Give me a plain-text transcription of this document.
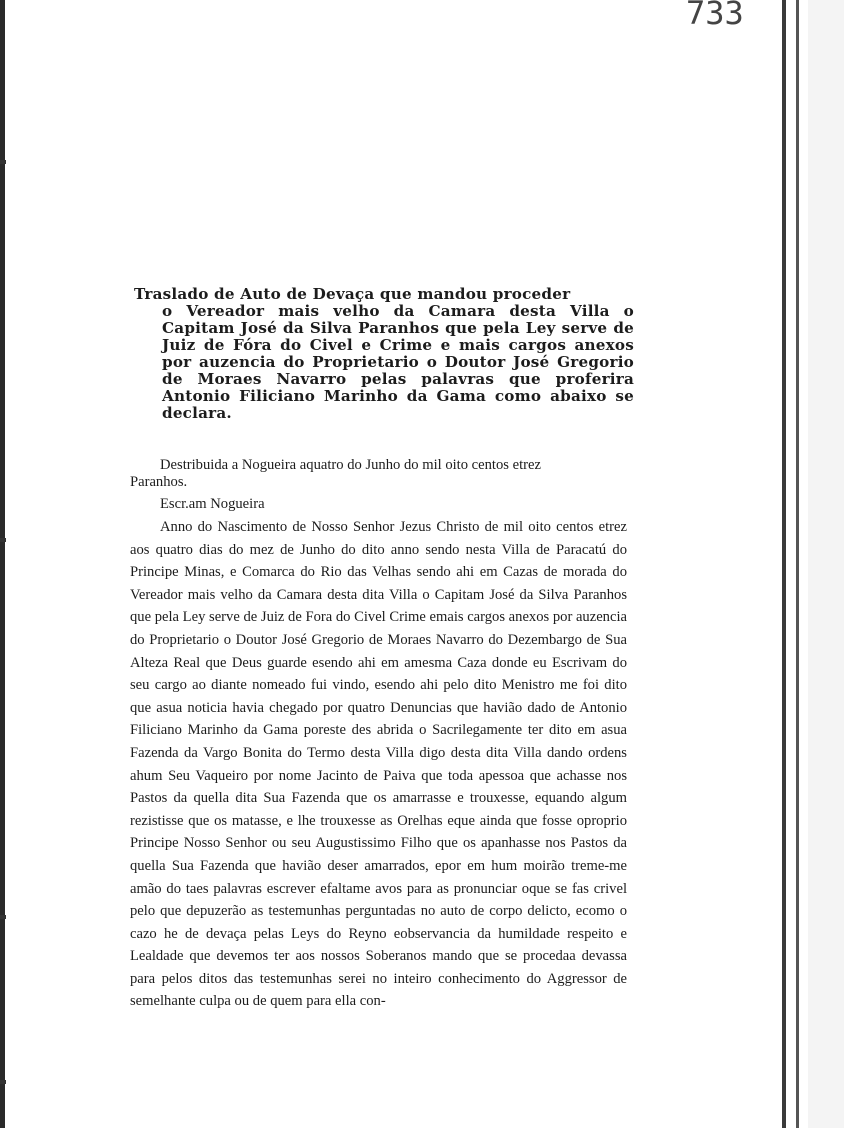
733
Traslado de Auto de Devaça que mandou proceder
o Vereador mais velho da Camara desta Villa o Capitam José da Silva Paranhos que pela Ley serve de Juiz de Fóra do Civel e Crime e mais cargos anexos por auzencia do Proprietario o Doutor José Gregorio de Moraes Navarro pelas palavras que proferira Antonio Filiciano Marinho da Gama como abaixo se declara.
Destribuida a Nogueira aquatro do Junho do mil oito centos etrez
Paranhos.
Escr.am Nogueira
Anno do Nascimento de Nosso Senhor Jezus Christo de mil oito centos etrez aos quatro dias do mez de Junho do dito anno sendo nesta Villa de Paracatú do Principe Minas, e Comarca do Rio das Velhas sendo ahi em Cazas de morada do Vereador mais velho da Camara desta dita Villa o Capitam José da Silva Paranhos que pela Ley serve de Juiz de Fora do Civel Crime emais cargos anexos por auzencia do Proprietario o Doutor José Gregorio de Moraes Navarro do Dezembargo de Sua Alteza Real que Deus guarde esendo ahi em amesma Caza donde eu Escrivam do seu cargo ao diante nomeado fui vindo, esendo ahi pelo dito Menistro me foi dito que asua noticia havia chegado por quatro Denuncias que havião dado de Antonio Filiciano Marinho da Gama poreste des abrida o Sacrilegamente ter dito em asua Fazenda da Vargo Bonita do Termo desta Villa digo desta dita Villa dando ordens ahum Seu Vaqueiro por nome Jacinto de Paiva que toda apessoa que achasse nos Pastos da quella dita Sua Fazenda que os amarrasse e trouxesse, equando algum rezistisse que os matasse, e lhe trouxesse as Orelhas eque ainda que fosse oproprio Principe Nosso Senhor ou seu Augustissimo Filho que os apanhasse nos Pastos da quella Sua Fazenda que havião deser amarrados, epor em hum moirão treme-me amão do taes palavras escrever efaltame avos para as pronunciar oque se fas crivel pelo que depuzerão as testemunhas perguntadas no auto de corpo delicto, ecomo o cazo he de devaça pelas Leys do Reyno eobservancia da humildade respeito e Lealdade que devemos ter aos nossos Soberanos mando que se procedaa devassa para pelos ditos das testemunhas serei no inteiro conhecimento do Aggressor de semelhante culpa ou de quem para ella con-
